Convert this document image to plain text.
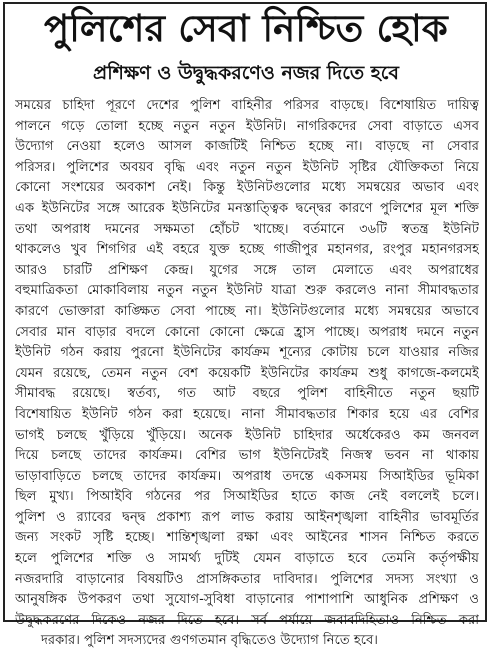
পুলিশের সেবা নিশ্চিত হোক
প্রশিক্ষণ ও উদ্বুদ্ধকরণেও নজর দিতে হবে
সময়ের চাহিদা পূরণে দেশের পুলিশ বাহিনীর পরিসর বাড়ছে। বিশেষায়িত দায়িত্ব
পালনে গড়ে তোলা হচ্ছে নতুন নতুন ইউনিট। নাগরিকদের সেবা বাড়াতে এসব
উদ্যোগ নেওয়া হলেও আসল কাজটিই নিশ্চিত হচ্ছে না। বাড়ছে না সেবার
পরিসর। পুলিশের অবয়ব বৃদ্ধি এবং নতুন নতুন ইউনিট সৃষ্টির যৌক্তিকতা নিয়ে
কোনো সংশয়ের অবকাশ নেই। কিন্তু ইউনিটগুলোর মধ্যে সমন্বয়ের অভাব এবং
এক ইউনিটের সঙ্গে আরেক ইউনিটের মনস্তাত্ত্বিক দ্বন্দ্বের কারণে পুলিশের মূল শক্তি
তথা অপরাধ দমনের সক্ষমতা হোঁচট খাচ্ছে। বর্তমানে ৩৬টি স্বতন্ত্র ইউনিট
থাকলেও খুব শিগগির এই বহরে যুক্ত হচ্ছে গাজীপুর মহানগর, রংপুর মহানগরসহ
আরও চারটি প্রশিক্ষণ কেন্দ্র। যুগের সঙ্গে তাল মেলাতে এবং অপরাধের
বহুমাত্রিকতা মোকাবিলায় নতুন নতুন ইউনিট যাত্রা শুরু করলেও নানা সীমাবদ্ধতার
কারণে ভোক্তারা কাঙ্ক্ষিত সেবা পাচ্ছে না। ইউনিটগুলোর মধ্যে সমন্বয়ের অভাবে
সেবার মান বাড়ার বদলে কোনো কোনো ক্ষেত্রে হ্রাস পাচ্ছে। অপরাধ দমনে নতুন
ইউনিট গঠন করায় পুরনো ইউনিটের কার্যক্রম শূন্যের কোটায় চলে যাওয়ার নজির
যেমন রয়েছে, তেমন নতুন বেশ কয়েকটি ইউনিটের কার্যক্রম শুধু কাগজে-কলমেই
সীমাবদ্ধ রয়েছে। স্বর্তব্য, গত আট বছরে পুলিশ বাহিনীতে নতুন ছয়টি
বিশেষায়িত ইউনিট গঠন করা হয়েছে। নানা সীমাবদ্ধতার শিকার হয়ে এর বেশির
ভাগই চলছে খুঁড়িয়ে খুঁড়িয়ে। অনেক ইউনিট চাহিদার অর্ধেকেরও কম জনবল
দিয়ে চলছে তাদের কার্যক্রম। বেশির ভাগ ইউনিটেরই নিজস্ব ভবন না থাকায়
ভাড়াবাড়িতে চলছে তাদের কার্যক্রম। অপরাধ তদন্তে একসময় সিআইডির ভূমিকা
ছিল মুখ্য। পিআইবি গঠনের পর সিআইডির হাতে কাজ নেই বললেই চলে।
পুলিশ ও র‍্যাবের দ্বন্দ্ব প্রকাশ্য রূপ লাভ করায় আইনশৃঙ্খলা বাহিনীর ভাবমূর্তির
জন্য সংকট সৃষ্টি হচ্ছে। শান্তিশৃঙ্খলা রক্ষা এবং আইনের শাসন নিশ্চিত করতে
হলে পুলিশের শক্তি ও সামর্থ্য দুটিই যেমন বাড়াতে হবে তেমনি কর্তৃপক্ষীয়
নজরদারি বাড়ানোর বিষয়টিও প্রাসঙ্গিকতার দাবিদার। পুলিশের সদস্য সংখ্যা ও
আনুষঙ্গিক উপকরণ তথা সুযোগ-সুবিধা বাড়ানোর পাশাপাশি আধুনিক প্রশিক্ষণ ও
উদ্বুদ্ধকরণের দিকেও নজর দিতে হবে। সর্ব পর্যায়ে জবাবদিহিতাও নিশ্চিত করা
দরকার। পুলিশ সদস্যদের গুণগতমান বৃদ্ধিতেও উদ্যোগ নিতে হবে।
